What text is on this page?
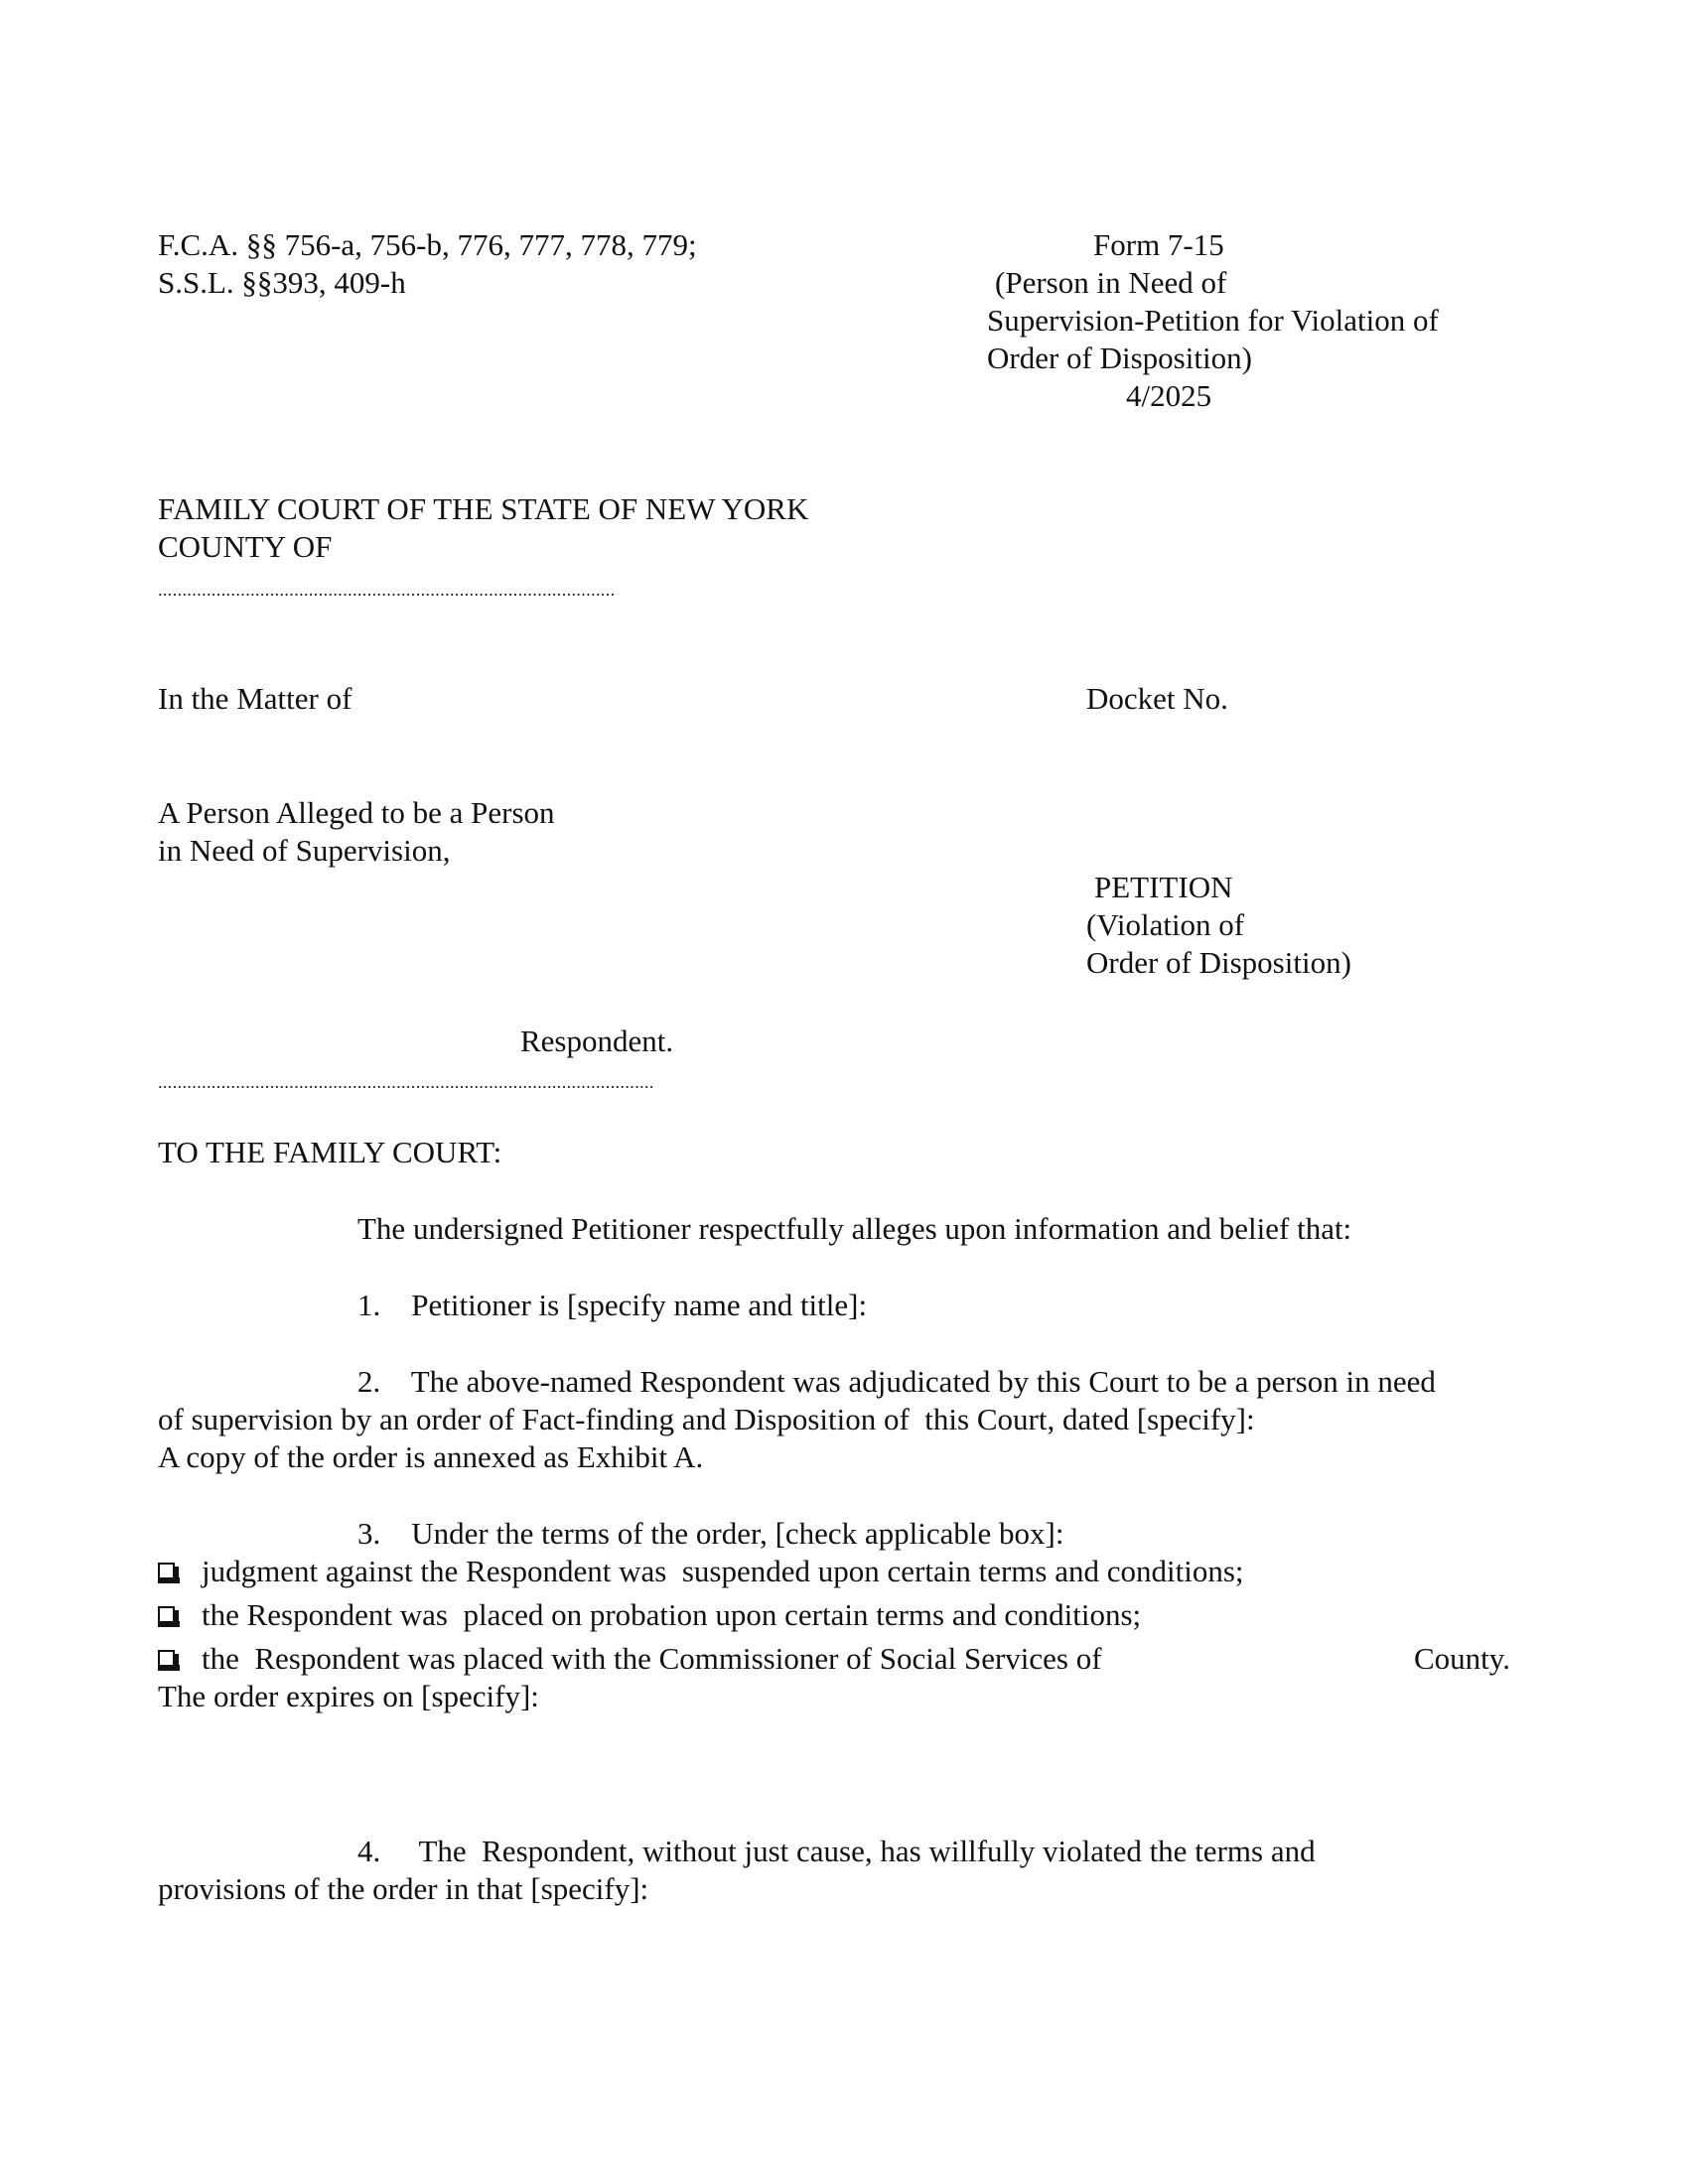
F.C.A. §§ 756-a, 756-b, 776, 777, 778, 779;

S.S.L. §§393, 409-h

Form 7-15

(Person in Need of

Supervision-Petition for Violation of

Order of Disposition)

4/2025

FAMILY COURT OF THE STATE OF NEW YORK

COUNTY OF

..............................................................................................

In the Matter of	Docket No.

A Person Alleged to be a Person

in Need of Supervision,

PETITION

(Violation of

Order of Disposition)

Respondent.

......................................................................................................

TO THE FAMILY COURT:

The undersigned Petitioner respectfully alleges upon information and belief that:

1.    Petitioner is [specify name and title]:

2.    The above-named Respondent was adjudicated by this Court to be a person in need

of supervision by an order of Fact-finding and Disposition of  this Court, dated [specify]:

A copy of the order is annexed as Exhibit A.

3.    Under the terms of the order, [check applicable box]:

judgment against the Respondent was  suspended upon certain terms and conditions;

the Respondent was  placed on probation upon certain terms and conditions;

the  Respondent was placed with the Commissioner of Social Services of	County.

The order expires on [specify]:

4.     The  Respondent, without just cause, has willfully violated the terms and

provisions of the order in that [specify]:
